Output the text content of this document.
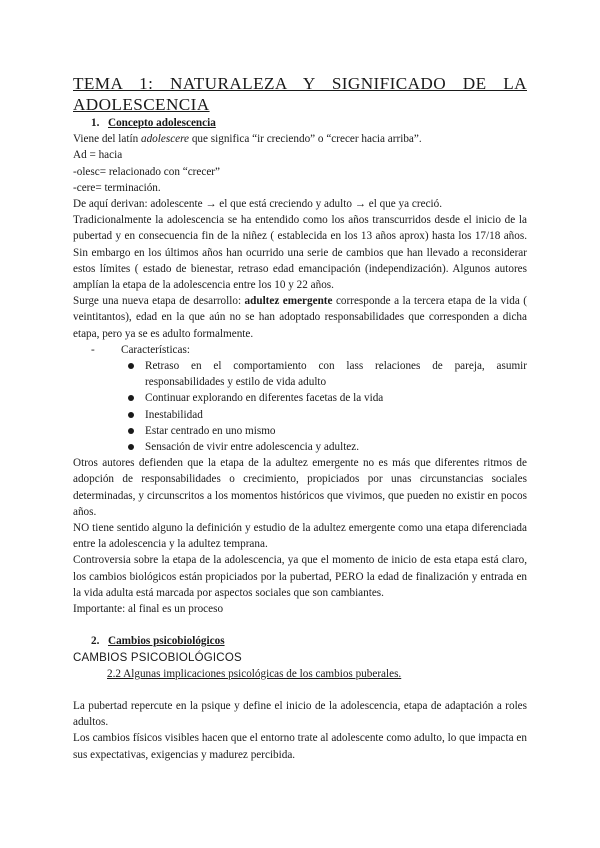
TEMA 1: NATURALEZA Y SIGNIFICADO DE LA ADOLESCENCIA
1. Concepto adolescencia

Viene del latín adolescere que significa “ir creciendo” o “crecer hacia arriba”.

Ad = hacia

-olesc= relacionado con “crecer”

-cere= terminación.

De aquí derivan: adolescente → el que está creciendo y adulto → el que ya creció.

Tradicionalmente la adolescencia se ha entendido como los años transcurridos desde el inicio de la pubertad y en consecuencia fin de la niñez ( establecida en los 13 años aprox) hasta los 17/18 años. Sin embargo en los últimos años han ocurrido una serie de cambios que han llevado a reconsiderar estos límites ( estado de bienestar, retraso edad emancipación (independización). Algunos autores amplían la etapa de la adolescencia entre los 10 y 22 años.

Surge una nueva etapa de desarrollo: adultez emergente corresponde a la tercera etapa de la vida ( veintitantos), edad en la que aún no se han adoptado responsabilidades que corresponden a dicha etapa, pero ya se es adulto formalmente.

- Características:
Retraso en el comportamiento con lass relaciones de pareja, asumir responsabilidades y estilo de vida adulto
Continuar explorando en diferentes facetas de la vida
Inestabilidad
Estar centrado en uno mismo
Sensación de vivir entre adolescencia y adultez.

Otros autores defienden que la etapa de la adultez emergente no es más que diferentes ritmos de adopción de responsabilidades o crecimiento, propiciados por unas circunstancias sociales determinadas, y circunscritos a los momentos históricos que vivimos, que pueden no existir en pocos años.

NO tiene sentido alguno la definición y estudio de la adultez emergente como una etapa diferenciada entre la adolescencia y la adultez temprana.

Controversia sobre la etapa de la adolescencia, ya que el momento de inicio de esta etapa está claro, los cambios biológicos están propiciados por la pubertad, PERO la edad de finalización y entrada en la vida adulta está marcada por aspectos sociales que son cambiantes.

Importante: al final es un proceso

2. Cambios psicobiológicos

CAMBIOS PSICOBIOLÓGICOS

2.2 Algunas implicaciones psicológicas de los cambios puberales.

La pubertad repercute en la psique y define el inicio de la adolescencia, etapa de adaptación a roles adultos.

Los cambios físicos visibles hacen que el entorno trate al adolescente como adulto, lo que impacta en sus expectativas, exigencias y madurez percibida.
